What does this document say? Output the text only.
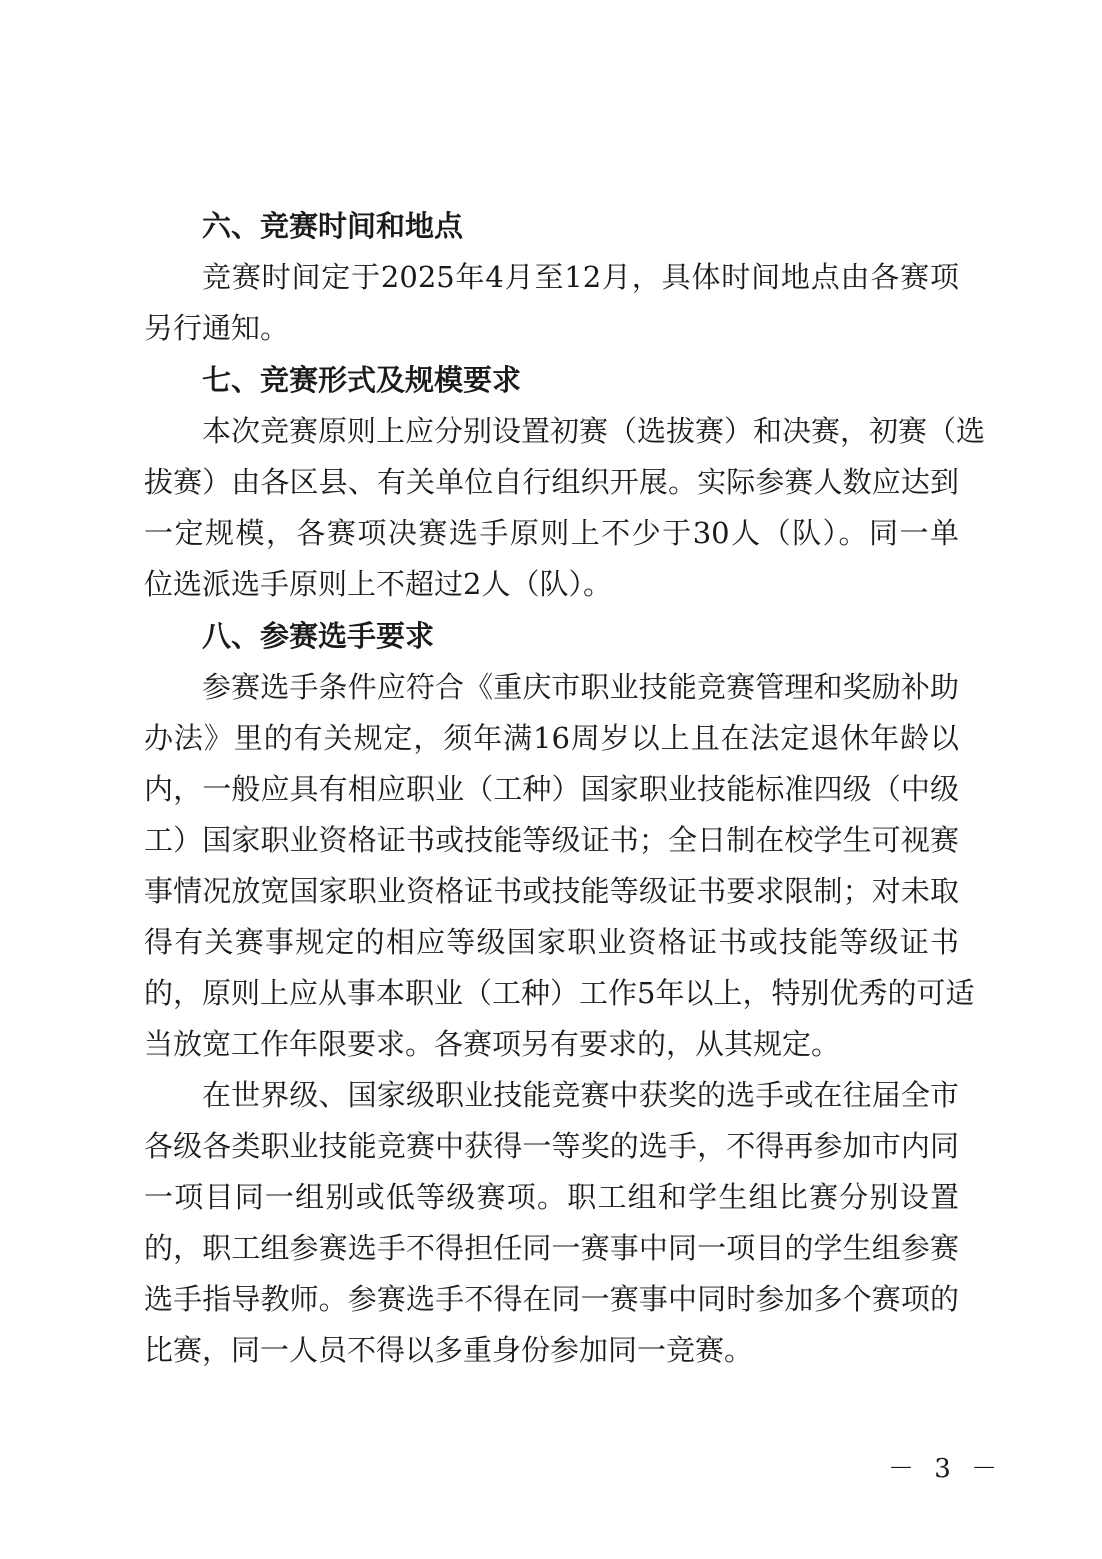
六、竞赛时间和地点
竞赛时间定于2025年4月至12月，具体时间地点由各赛项
另行通知。
七、竞赛形式及规模要求
本次竞赛原则上应分别设置初赛（选拔赛）和决赛，初赛（选
拔赛）由各区县、有关单位自行组织开展。实际参赛人数应达到
一定规模，各赛项决赛选手原则上不少于30人（队）。同一单
位选派选手原则上不超过2人（队）。
八、参赛选手要求
参赛选手条件应符合《重庆市职业技能竞赛管理和奖励补助
办法》里的有关规定，须年满16周岁以上且在法定退休年龄以
内，一般应具有相应职业（工种）国家职业技能标准四级（中级
工）国家职业资格证书或技能等级证书；全日制在校学生可视赛
事情况放宽国家职业资格证书或技能等级证书要求限制；对未取
得有关赛事规定的相应等级国家职业资格证书或技能等级证书
的，原则上应从事本职业（工种）工作5年以上，特别优秀的可适
当放宽工作年限要求。各赛项另有要求的，从其规定。
在世界级、国家级职业技能竞赛中获奖的选手或在往届全市
各级各类职业技能竞赛中获得一等奖的选手，不得再参加市内同
一项目同一组别或低等级赛项。职工组和学生组比赛分别设置
的，职工组参赛选手不得担任同一赛事中同一项目的学生组参赛
选手指导教师。参赛选手不得在同一赛事中同时参加多个赛项的
比赛，同一人员不得以多重身份参加同一竞赛。
－ 3 －
